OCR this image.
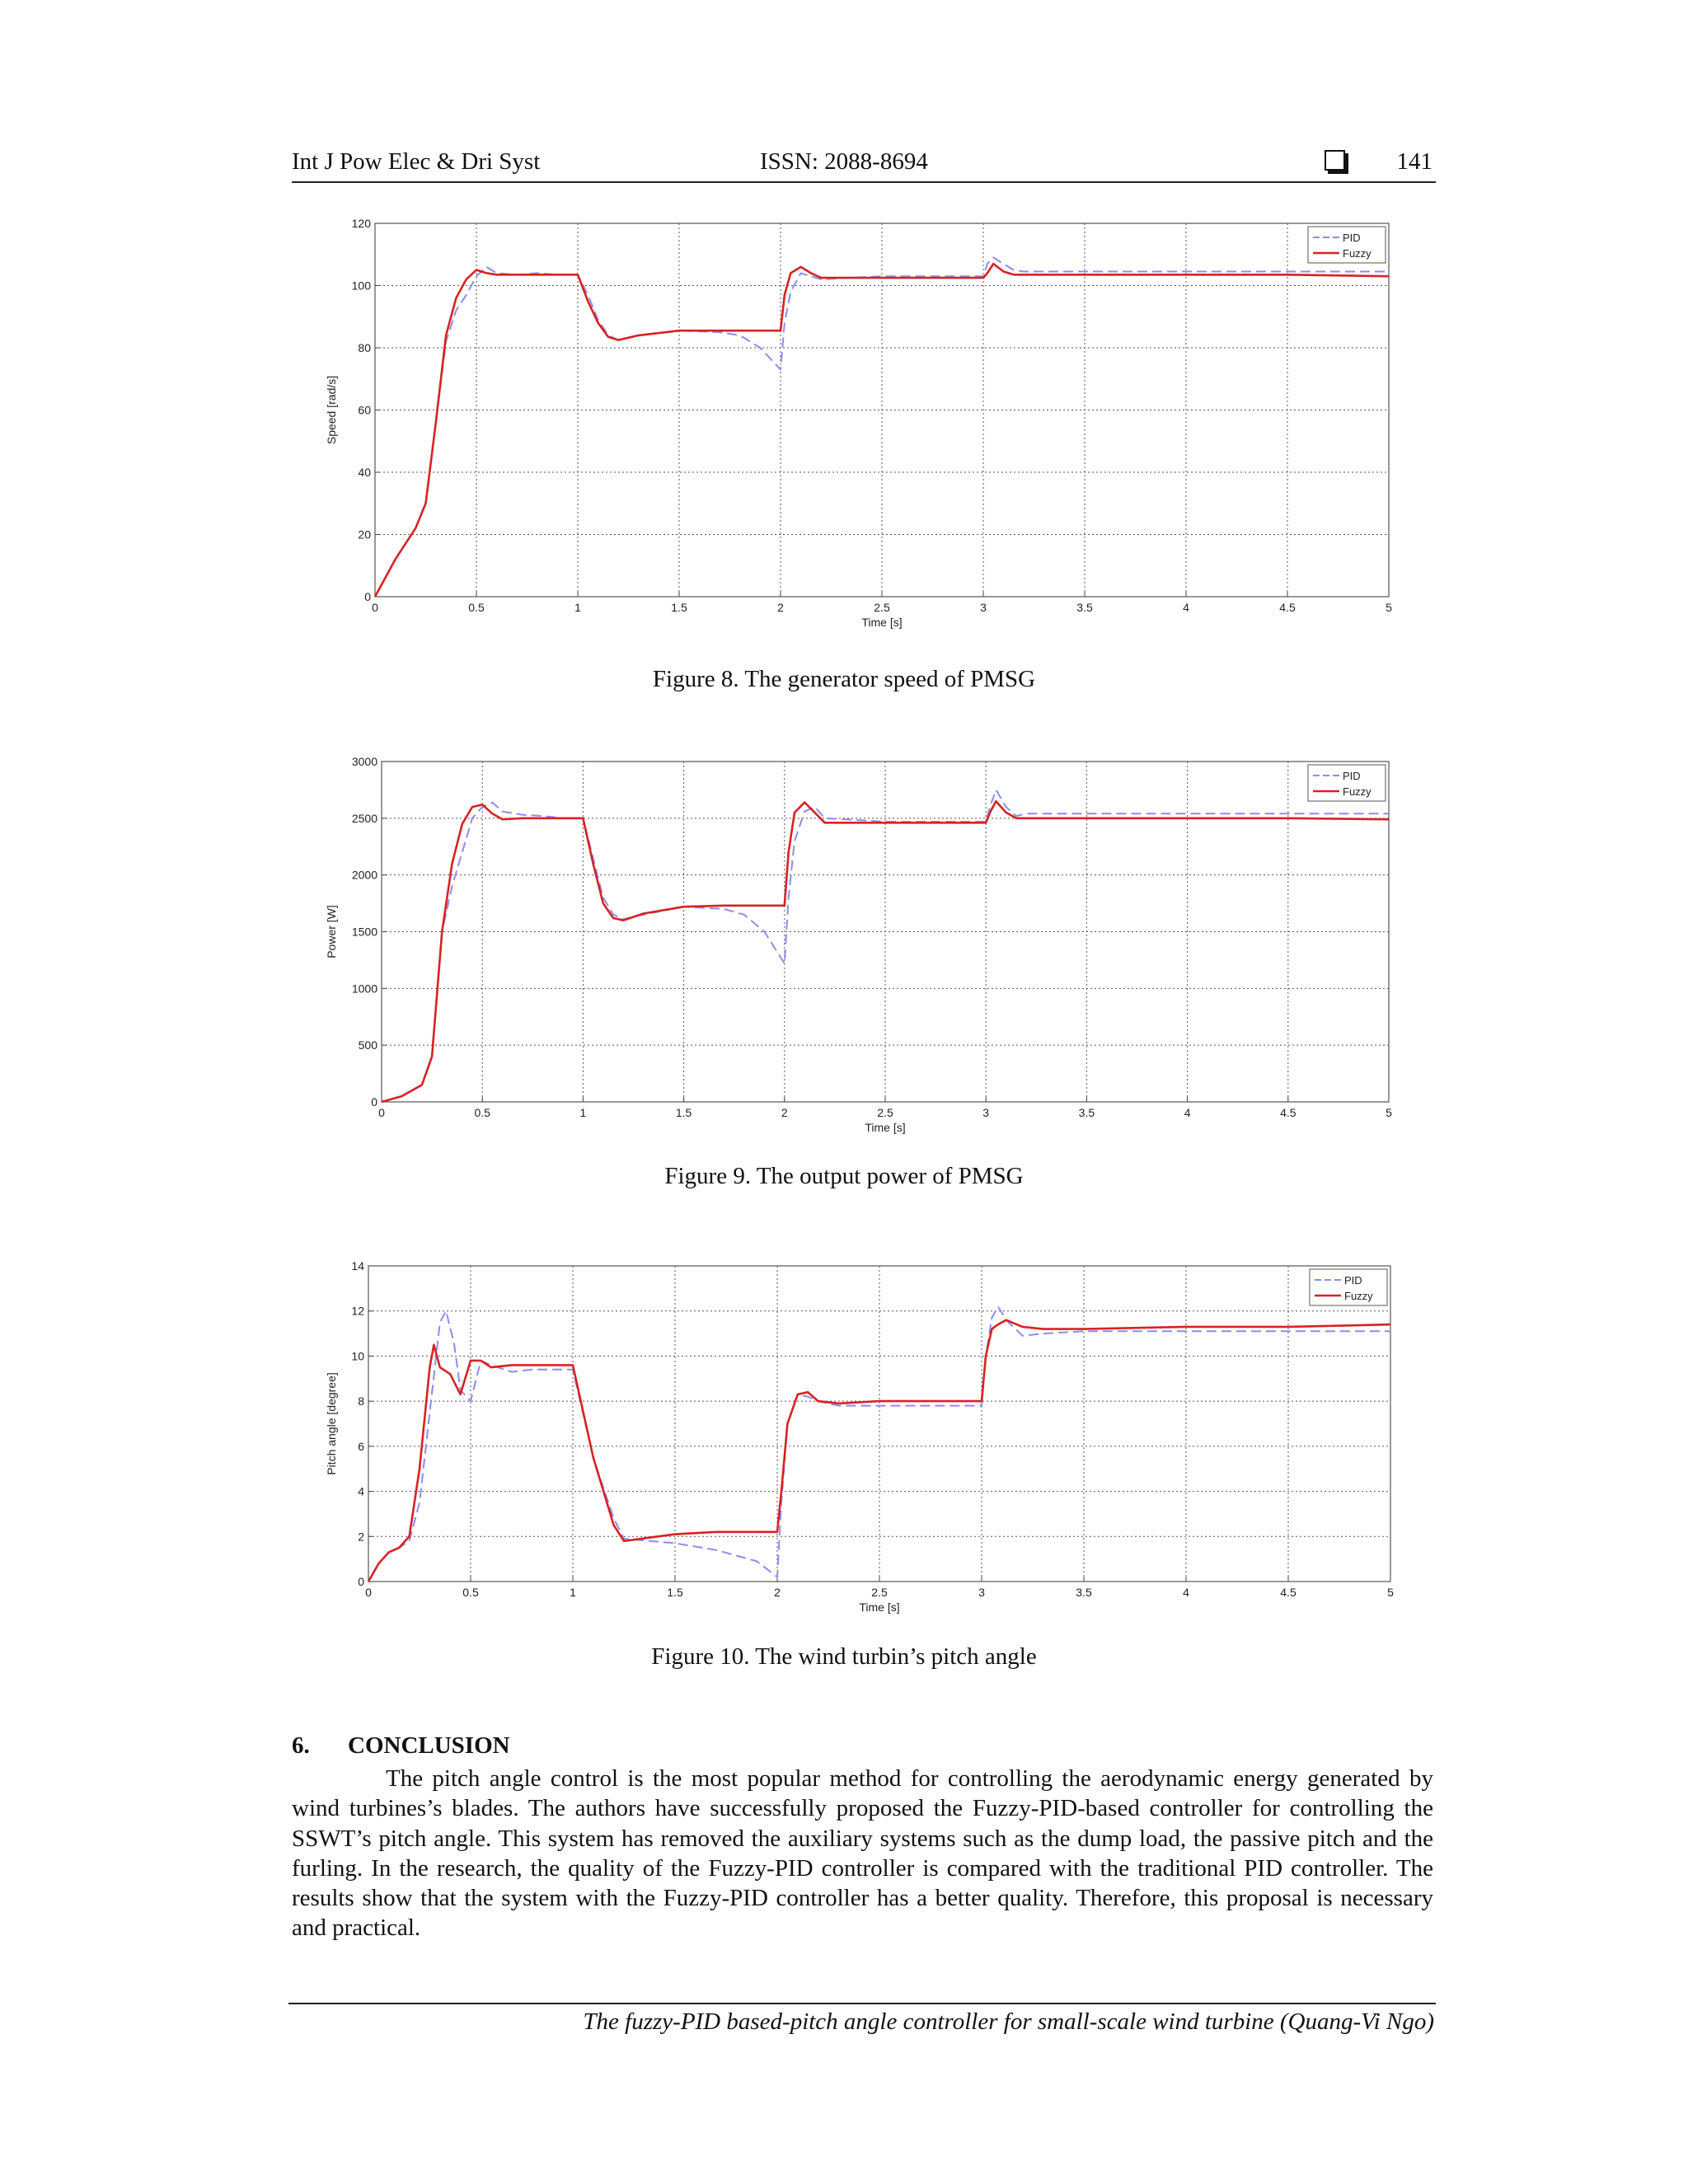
Int J Pow Elec & Dri Syst	ISSN: 2088-8694	141
0	0.5	1	1.5	2	2.5	3	3.5	4	4.5	5
0
20
40
60
80
100
120
Time [s]
Speed [rad/s]
PID
Fuzzy
Figure 8. The generator speed of PMSG
0	0.5	1	1.5	2	2.5	3	3.5	4	4.5	5
0
500
1000
1500
2000
2500
3000
Time [s]
Power [W]
PID
Fuzzy
Figure 9. The output power of PMSG
0	0.5	1	1.5	2	2.5	3	3.5	4	4.5	5
0
2
4
6
8
10
12
14
Time [s]
Pitch angle [degree]
PID
Fuzzy
Figure 10. The wind turbin’s pitch angle
6. CONCLUSION
The pitch angle control is the most popular method for controlling the aerodynamic energy generated by wind turbines’s blades. The authors have successfully proposed the Fuzzy-PID-based controller for controlling the SSWT’s pitch angle. This system has removed the auxiliary systems such as the dump load, the passive pitch and the furling. In the research, the quality of the Fuzzy-PID controller is compared with the traditional PID controller. The results show that the system with the Fuzzy-PID controller has a better quality. Therefore, this proposal is necessary and practical.
The fuzzy-PID based-pitch angle controller for small-scale wind turbine (Quang-Vi Ngo)
